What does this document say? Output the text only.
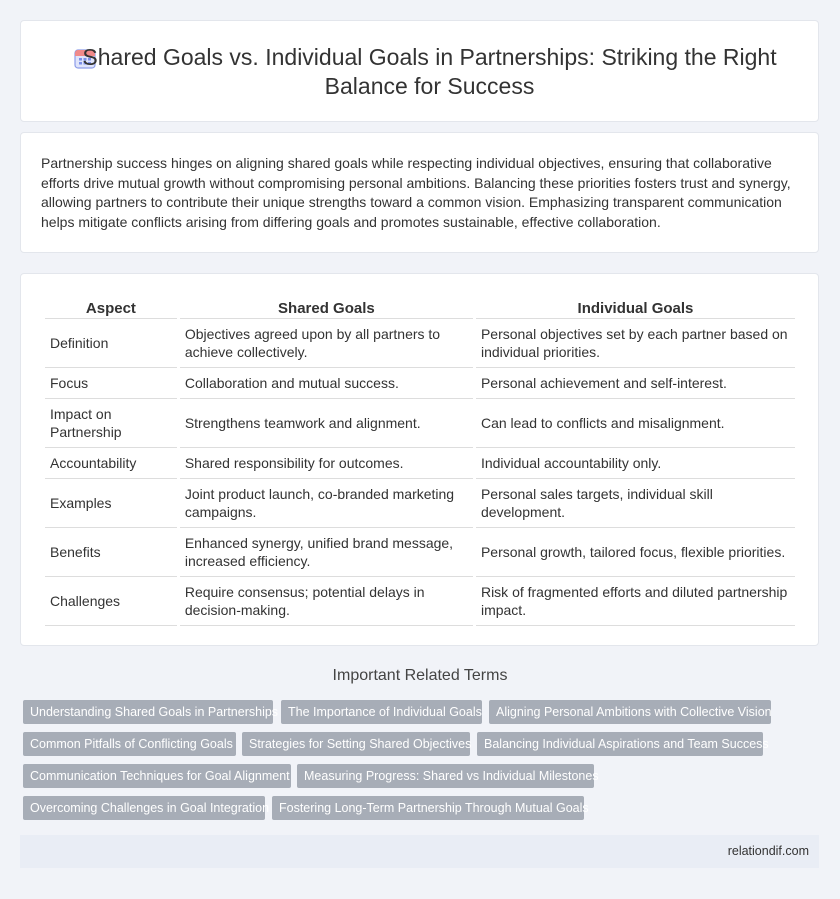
Shared Goals vs. Individual Goals in Partnerships: Striking the Right Balance for Success

Partnership success hinges on aligning shared goals while respecting individual objectives, ensuring that collaborative efforts drive mutual growth without compromising personal ambitions. Balancing these priorities fosters trust and synergy, allowing partners to contribute their unique strengths toward a common vision. Emphasizing transparent communication helps mitigate conflicts arising from differing goals and promotes sustainable, effective collaboration.

Aspect	Shared Goals	Individual Goals
Definition	Objectives agreed upon by all partners to achieve collectively.	Personal objectives set by each partner based on individual priorities.
Focus	Collaboration and mutual success.	Personal achievement and self-interest.
Impact on Partnership	Strengthens teamwork and alignment.	Can lead to conflicts and misalignment.
Accountability	Shared responsibility for outcomes.	Individual accountability only.
Examples	Joint product launch, co-branded marketing campaigns.	Personal sales targets, individual skill development.
Benefits	Enhanced synergy, unified brand message, increased efficiency.	Personal growth, tailored focus, flexible priorities.
Challenges	Require consensus; potential delays in decision-making.	Risk of fragmented efforts and diluted partnership impact.
Important Related Terms
Understanding Shared Goals in Partnerships The Importance of Individual Goals	Aligning Personal Ambitions with Collective Vision
Common Pitfalls of Conflicting Goals	Strategies for Setting Shared Objectives	Balancing Individual Aspirations and Team Success
Communication Techniques for Goal Alignment	Measuring Progress: Shared vs Individual Milestones
Overcoming Challenges in Goal Integration Fostering Long-Term Partnership Through Mutual Goals
relationdif.com
